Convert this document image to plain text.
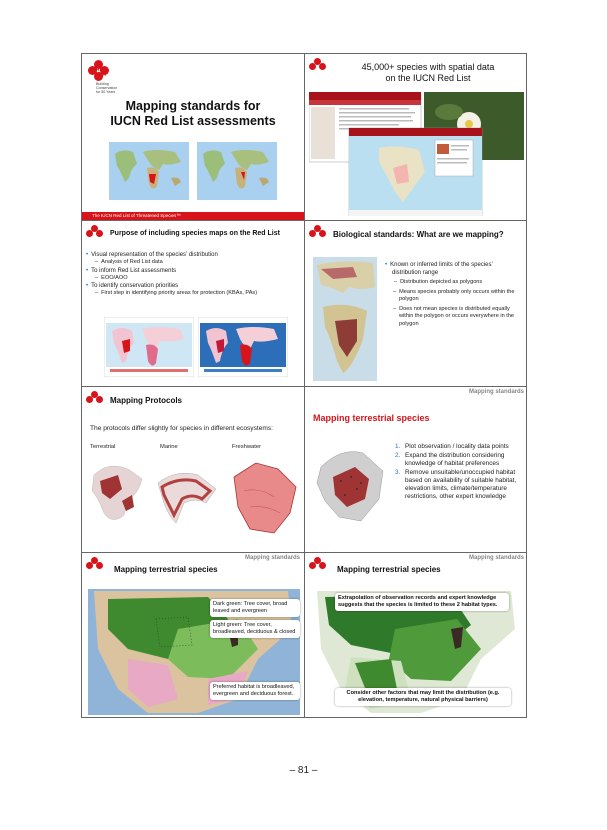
RED
LIST
Building
Conservation
for 50 Years
Mapping standards for
IUCN Red List assessments
The IUCN Red List of Threatened Species™
45,000+ species with spatial data
on the IUCN Red List
Purpose of including species maps on the Red List
• Visual representation of the species’ distribution
– Analysis of Red List data
• To inform Red List assessments
– EOO/AOO
• To identify conservation priorities
– First step in identifying priority areas for protection (KBAs, PAs)
Biological standards: What are we mapping?
• Known or inferred limits of the species’ distribution range
– Distribution depicted as polygons
– Means species probably only occurs within the polygon
– Does not mean species is distributed equally within the polygon or occurs everywhere in the polygon
Mapping Protocols
The protocols differ slightly for species in different ecosystems:
Terrestrial	Marine	Freshwater
Mapping standards
Mapping terrestrial species
1. Plot observation / locality data points
2. Expand the distribution considering knowledge of habitat preferences
3. Remove unsuitable/unoccupied habitat based on availability of suitable habitat, elevation limits, climate/temperature restrictions, other expert knowledge
Mapping standards
Mapping terrestrial species
Dark green: Tree cover, broad leaved and evergreen
Light green: Tree cover, broadleaved, deciduous & closed
Preferred habitat is broadleaved, evergreen and deciduous forest.
Mapping standards
Mapping terrestrial species
Extrapolation of observation records and expert knowledge suggests that the species is limited to these 2 habitat types.
Consider other factors that may limit the distribution (e.g. elevation, temperature, natural physical barriers)
– 81 –
